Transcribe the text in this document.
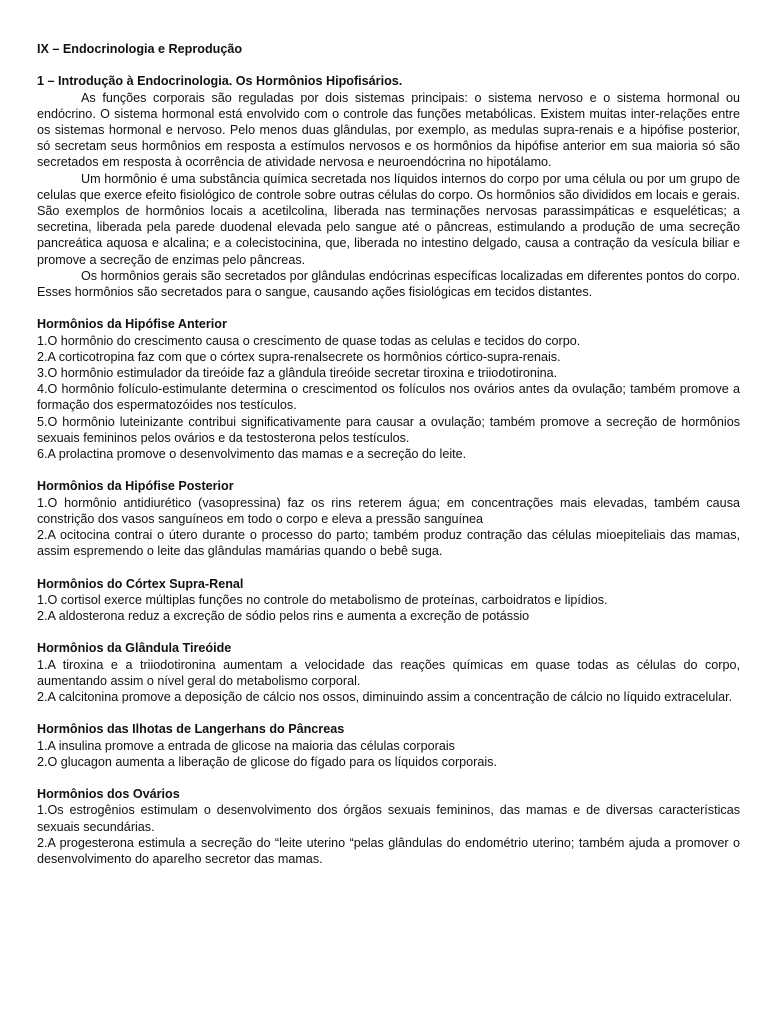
IX – Endocrinologia e Reprodução
1 – Introdução à Endocrinologia. Os Hormônios Hipofisários.

As funções corporais são reguladas por dois sistemas principais: o sistema nervoso e o sistema hormonal ou endócrino. O sistema hormonal está envolvido com o controle das funções metabólicas. Existem muitas inter-relações entre os sistemas hormonal e nervoso. Pelo menos duas glândulas, por exemplo, as medulas supra-renais e a hipófise posterior, só secretam seus hormônios em resposta a estímulos nervosos e os hormônios da hipófise anterior em sua maioria só são secretados em resposta à ocorrência de atividade nervosa e neuroendócrina no hipotálamo.

Um hormônio é uma substância química secretada nos líquidos internos do corpo por uma célula ou por um grupo de celulas que exerce efeito fisiológico de controle sobre outras células do corpo. Os hormônios são divididos em locais e gerais. São exemplos de hormônios locais a acetilcolina, liberada nas terminações nervosas parassimpáticas e esqueléticas; a secretina, liberada pela parede duodenal elevada pelo sangue até o pâncreas, estimulando a produção de uma secreção pancreática aquosa e alcalina; e a colecistocinina, que, liberada no intestino delgado, causa a contração da vesícula biliar e promove a secreção de enzimas pelo pâncreas.

Os hormônios gerais são secretados por glândulas endócrinas específicas localizadas em diferentes pontos do corpo. Esses hormônios são secretados para o sangue, causando ações fisiológicas em tecidos distantes.

Hormônios da Hipófise Anterior
1.O hormônio do crescimento causa o crescimento de quase todas as celulas e tecidos do corpo.
2.A corticotropina faz com que o córtex supra-renalsecrete os hormônios córtico-supra-renais.
3.O hormônio estimulador da tireóide faz a glândula tireóide secretar tiroxina e triiodotironina.
4.O hormônio folículo-estimulante determina o crescimentod os folículos nos ovários antes da ovulação; também promove a formação dos espermatozóides nos testículos.
5.O hormônio luteinizante contribui significativamente para causar a ovulação; também promove a secreção de hormônios sexuais femininos pelos ovários e da testosterona pelos testículos.
6.A prolactina promove o desenvolvimento das mamas e a secreção do leite.
Hormônios da Hipófise Posterior
1.O hormônio antidiurético (vasopressina) faz os rins reterem água; em concentrações mais elevadas, também causa constrição dos vasos sanguíneos em todo o corpo e eleva a pressão sanguínea
2.A ocitocina contrai o útero durante o processo do parto; também produz contração das células mioepiteliais das mamas, assim espremendo o leite das glândulas mamárias quando o bebê suga.
Hormônios do Córtex Supra-Renal
1.O cortisol exerce múltiplas funções no controle do metabolismo de proteínas, carboidratos e lipídios.
2.A aldosterona reduz a excreção de sódio pelos rins e aumenta a excreção de potássio
Hormônios da Glândula Tireóide
1.A tiroxina e a triiodotironina aumentam a velocidade das reações químicas em quase todas as células do corpo, aumentando assim o nível geral do metabolismo corporal.
2.A calcitonina promove a deposição de cálcio nos ossos, diminuindo assim a concentração de cálcio no líquido extracelular.
Hormônios das Ilhotas de Langerhans do Pâncreas
1.A insulina promove a entrada de glicose na maioria das células corporais
2.O glucagon aumenta a liberação de glicose do fígado para os líquidos corporais.
Hormônios dos Ovários
1.Os estrogênios estimulam o desenvolvimento dos órgãos sexuais femininos, das mamas e de diversas características sexuais secundárias.
2.A progesterona estimula a secreção do “leite uterino “pelas glândulas do endométrio uterino; também ajuda a promover o desenvolvimento do aparelho secretor das mamas.
